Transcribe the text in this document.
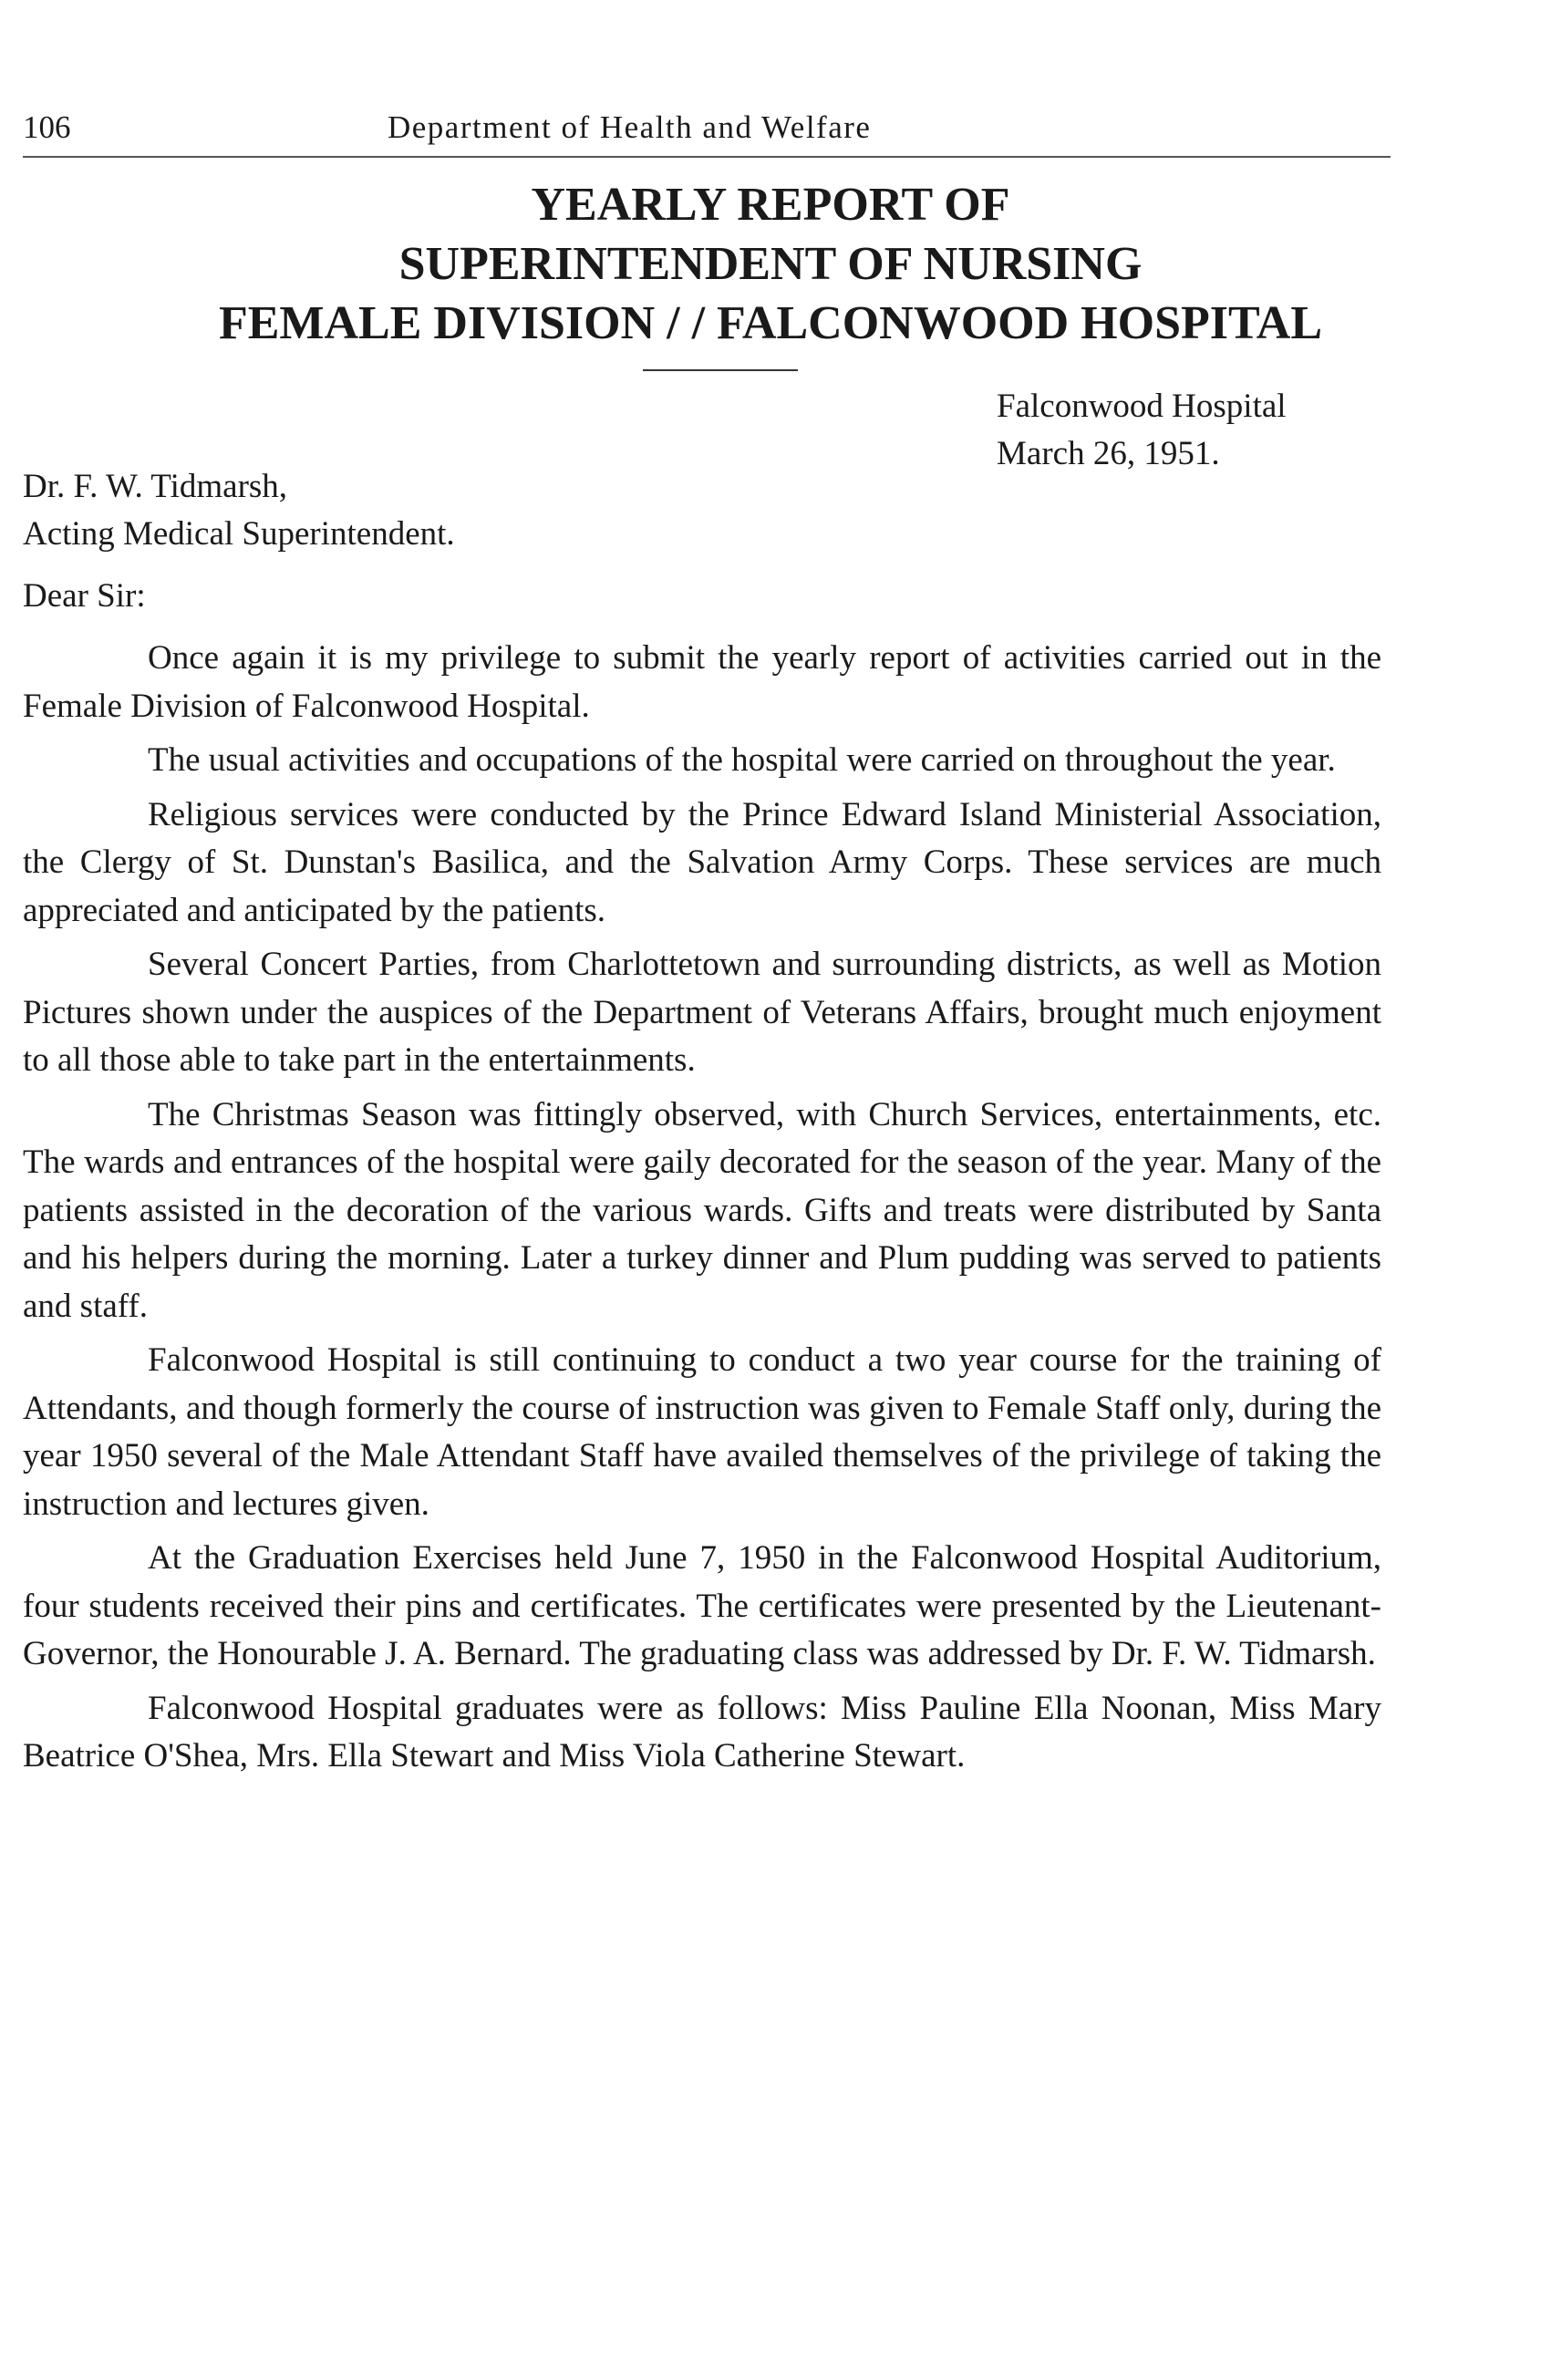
106	Department of Health and Welfare
YEARLY REPORT OF
SUPERINTENDENT OF NURSING
FEMALE DIVISION / / FALCONWOOD HOSPITAL
Falconwood Hospital
March 26, 1951.
Dr. F. W. Tidmarsh,
Acting Medical Superintendent.
Dear Sir:

Once again it is my privilege to submit the yearly report of activities carried out in the Female Division of Falconwood Hospital.

The usual activities and occupations of the hospital were carried on throughout the year.

Religious services were conducted by the Prince Edward Island Ministerial Association, the Clergy of St. Dunstan's Basilica, and the Salvation Army Corps. These services are much appreciated and anticipated by the patients.

Several Concert Parties, from Charlottetown and surrounding districts, as well as Motion Pictures shown under the auspices of the Department of Veterans Affairs, brought much enjoyment to all those able to take part in the entertainments.

The Christmas Season was fittingly observed, with Church Services, entertainments, etc. The wards and entrances of the hospital were gaily decorated for the season of the year. Many of the patients assisted in the decoration of the various wards. Gifts and treats were distributed by Santa and his helpers during the morning. Later a turkey dinner and Plum pudding was served to patients and staff.

Falconwood Hospital is still continuing to conduct a two year course for the training of Attendants, and though formerly the course of instruction was given to Female Staff only, during the year 1950 several of the Male Attendant Staff have availed themselves of the privilege of taking the instruction and lectures given.

At the Graduation Exercises held June 7, 1950 in the Falconwood Hospital Auditorium, four students received their pins and certificates. The certificates were presented by the Lieutenant-Governor, the Honourable J. A. Bernard. The graduating class was addressed by Dr. F. W. Tidmarsh.

Falconwood Hospital graduates were as follows: Miss Pauline Ella Noonan, Miss Mary Beatrice O'Shea, Mrs. Ella Stewart and Miss Viola Catherine Stewart.
